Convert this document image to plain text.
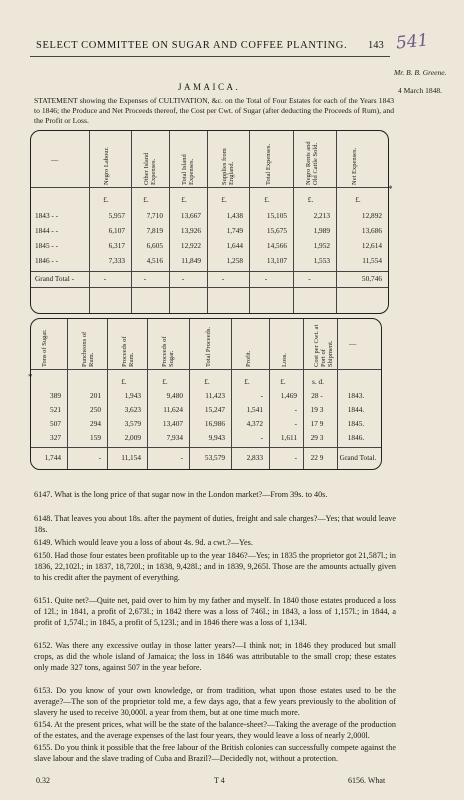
SELECT COMMITTEE ON SUGAR AND COFFEE PLANTING.	143 541
Mr. B. B. Greene.
4 March 1848.
JAMAICA.
STATEMENT showing the Expenses of CULTIVATION, &c. on the Total of Four Estates for each of the Years 1843 to 1846; the Produce and Net Proceeds thereof, the Cost per Cwt. of Sugar (after deducting the Proceeds of Rum), and the Profit or Loss.
—	Negro Labour.	Other Island Expenses.	Total Island Expenses.	Supplies from England.	Total Expenses.	Negro Rents and Old Cattle Sold.	Net Expenses.
£.	£.	£.	£.	£.	£.	£.
1843 - -	5,957	7,710	13,667	1,438	15,105	2,213	12,892
1844 - -	6,107	7,819	13,926	1,749	15,675	1,989	13,686
1845 - -	6,317	6,605	12,922	1,644	14,566	1,952	12,614
1846 - -	7,333	4,516	11,849	1,258	13,107	1,553	11,554
Grand Total -	-	-	-	-	-	-	50,746
*
Tons of Sugar.	Puncheons of Rum.	Proceeds of Rum.	Proceeds of Sugar.	Total Proceeds.	Profit.	Loss.	Cost per Cwt. at Port of Shipment. —
£.	£.	£.	£.	£.	s. d.
389	201	1,943	9,480	11,423	-	1,469	28 -	1843.
521	250	3,623	11,624	15,247	1,541	-	19 3	1844.
507	294	3,579	13,407	16,986	4,372	-	17 9	1845.
327	159	2,009	7,934	9,943	-	1,611	29 3	1846.
1,744	-	11,154	-	53,579	2,833	-	22 9	Grand Total.
*
6147. What is the long price of that sugar now in the London market?—From 39s. to 40s.
6148. That leaves you about 18s. after the payment of duties, freight and sale charges?—Yes; that would leave 18s.
6149. Which would leave you a loss of about 4s. 9d. a cwt.?—Yes.
6150. Had those four estates been profitable up to the year 1846?—Yes; in 1835 the proprietor got 21,587l.; in 1836, 22,102l.; in 1837, 18,720l.; in 1838, 9,428l.; and in 1839, 9,265l. Those are the amounts actually given to his credit after the payment of everything.
6151. Quite net?—Quite net, paid over to him by my father and myself. In 1840 those estates produced a loss of 12l.; in 1841, a profit of 2,673l.; in 1842 there was a loss of 746l.; in 1843, a loss of 1,157l.; in 1844, a profit of 1,574l.; in 1845, a profit of 5,123l.; and in 1846 there was a loss of 1,134l.
6152. Was there any excessive outlay in those latter years?—I think not; in 1846 they produced but small crops, as did the whole island of Jamaica; the loss in 1846 was attributable to the small crop; these estates only made 327 tons, against 507 in the year before.
6153. Do you know of your own knowledge, or from tradition, what upon those estates used to be the average?—The son of the proprietor told me, a few days ago, that a few years previously to the abolition of slavery he used to receive 30,000l. a year from them, but at one time much more.
6154. At the present prices, what will be the state of the balance-sheet?—Taking the average of the production of the estates, and the average expenses of the last four years, they would leave a loss of nearly 2,000l.
6155. Do you think it possible that the free labour of the British colonies can successfully compete against the slave labour and the slave trading of Cuba and Brazil?—Decidedly not, without a protection.
0.32	T 4	6156. What
